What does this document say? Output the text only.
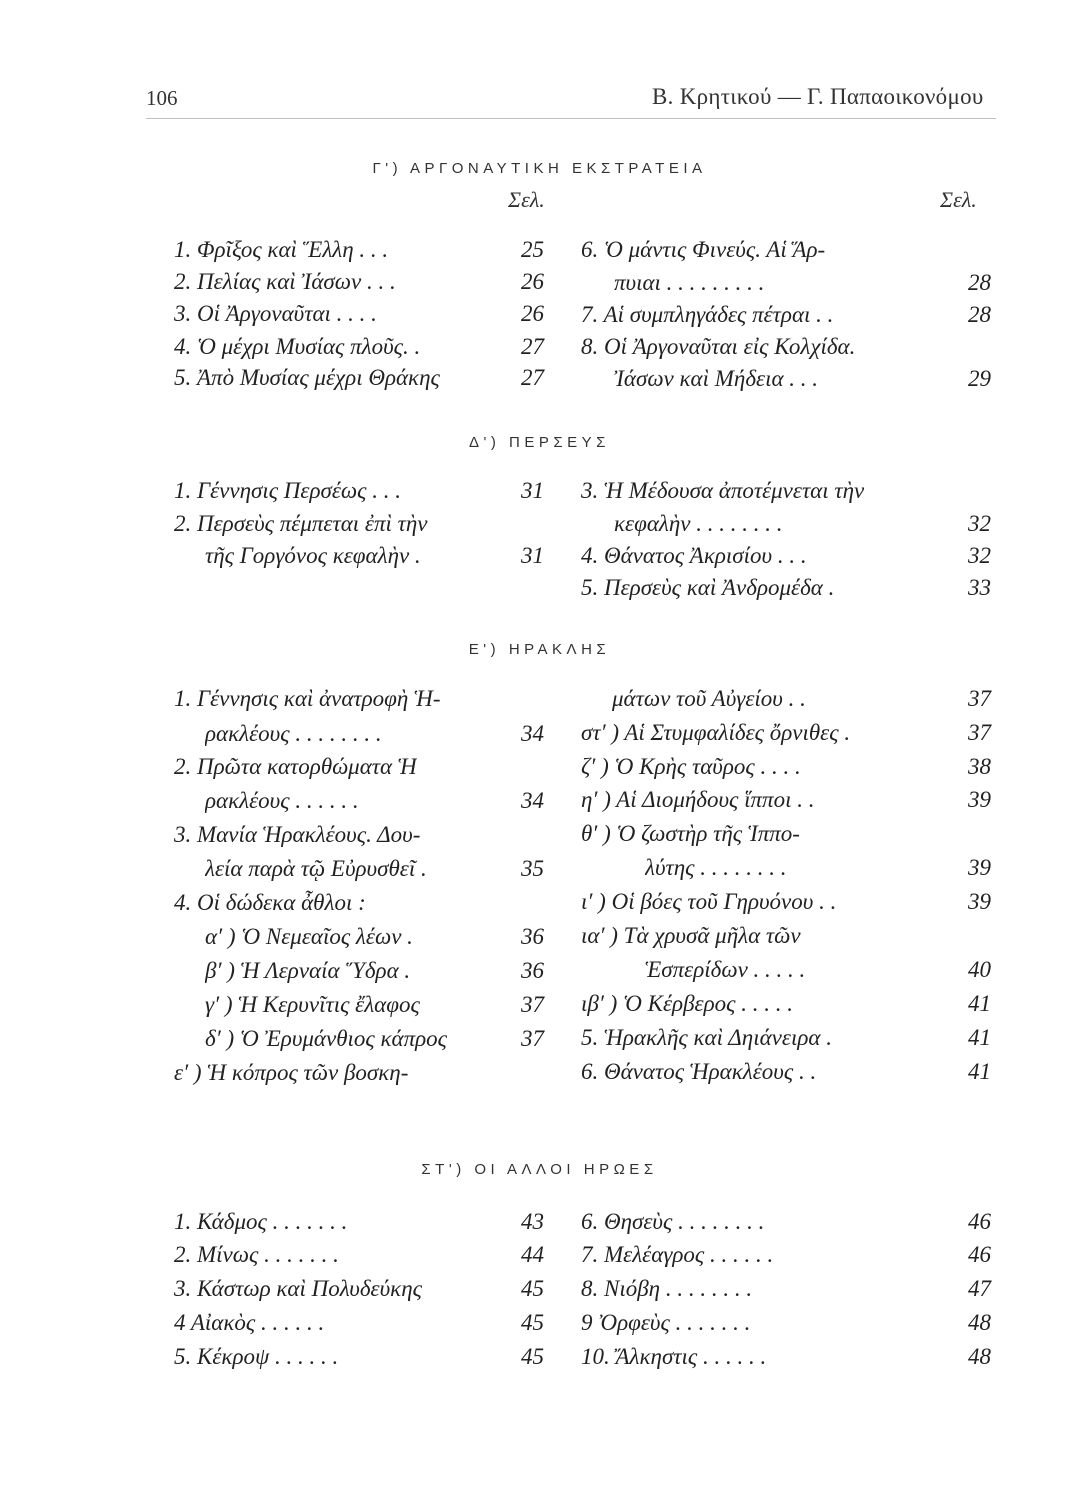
106	Β. Κρητικού — Γ. Παπαοικονόμου
Γ') ΑΡΓΟΝΑΥΤΙΚΗ ΕΚΣΤΡΑΤΕΙΑ
Σελ.	Σελ.
1. Φρῖξος καὶ Ἕλλη . . .	25
2. Πελίας καὶ Ἰάσων . . .	26
3. Οἱ Ἀργοναῦται . . . .	26
4. Ὁ μέχρι Μυσίας πλοῦς. .	27
5. Ἀπὸ Μυσίας μέχρι Θράκης	27
6. Ὁ μάντις Φινεύς. Αἱ Ἅρ-
πυιαι . . . . . . . . .	28
7. Αἱ συμπληγάδες πέτραι . .	28
8. Οἱ Ἀργοναῦται εἰς Κολχίδα.
Ἰάσων καὶ Μήδεια . . .	29
Δ') ΠΕΡΣΕΥΣ
1. Γέννησις Περσέως . . .	31
2. Περσεὺς πέμπεται ἐπὶ τὴν
τῆς Γοργόνος κεφαλὴν .	31
3. Ἡ Μέδουσα ἀποτέμνεται τὴν
κεφαλὴν . . . . . . . .	32
4. Θάνατος Ἀκρισίου . . .	32
5. Περσεὺς καὶ Ἀνδρομέδα .	33
Ε') ΗΡΑΚΛΗΣ
1. Γέννησις καὶ ἀνατροφὴ Ἡ-
ρακλέους . . . . . . . .	34
2. Πρῶτα κατορθώματα Ἡ
ρακλέους . . . . . .	34
3. Μανία Ἡρακλέους. Δου-
λεία παρὰ τῷ Εὐρυσθεῖ .	35
4. Οἱ δώδεκα ἆθλοι :
α′ ) Ὁ Νεμεαῖος λέων .	36
β′ ) Ἡ Λερναία Ὕδρα .	36
γ′ ) Ἡ Κερυνῖτις ἔλαφος	37
δ′ ) Ὁ Ἐρυμάνθιος κάπρος	37
ε′ ) Ἡ κόπρος τῶν βοσκη-
μάτων τοῦ Αὐγείου . .	37
στ′ ) Αἱ Στυμφαλίδες ὄρνιθες .	37
ζ′ ) Ὁ Κρὴς ταῦρος . . . .	38
η′ ) Αἱ Διομήδους ἵπποι . .	39
θ′ ) Ὁ ζωστὴρ τῆς Ἱππο-
λύτης . . . . . . . .	39
ι′ ) Οἱ βόες τοῦ Γηρυόνου . .	39
ια′ ) Τὰ χρυσᾶ μῆλα τῶν
Ἑσπερίδων . . . . .	40
ιβ′ ) Ὁ Κέρβερος . . . . .	41
5. Ἡρακλῆς καὶ Δηιάνειρα .	41
6. Θάνατος Ἡρακλέους . .	41
ΣΤ') ΟΙ ΑΛΛΟΙ ΗΡΩΕΣ
1. Κάδμος . . . . . . .	43
2. Μίνως . . . . . . .	44
3. Κάστωρ καὶ Πολυδεύκης	45
4 Αἰακὸς . . . . . .	45
5. Κέκροψ . . . . . .	45
6. Θησεὺς . . . . . . . .	46
7. Μελέαγρος . . . . . .	46
8. Νιόβη . . . . . . . .	47
9 Ὀρφεὺς . . . . . . .	48
10. Ἄλκηστις . . . . . .	48
